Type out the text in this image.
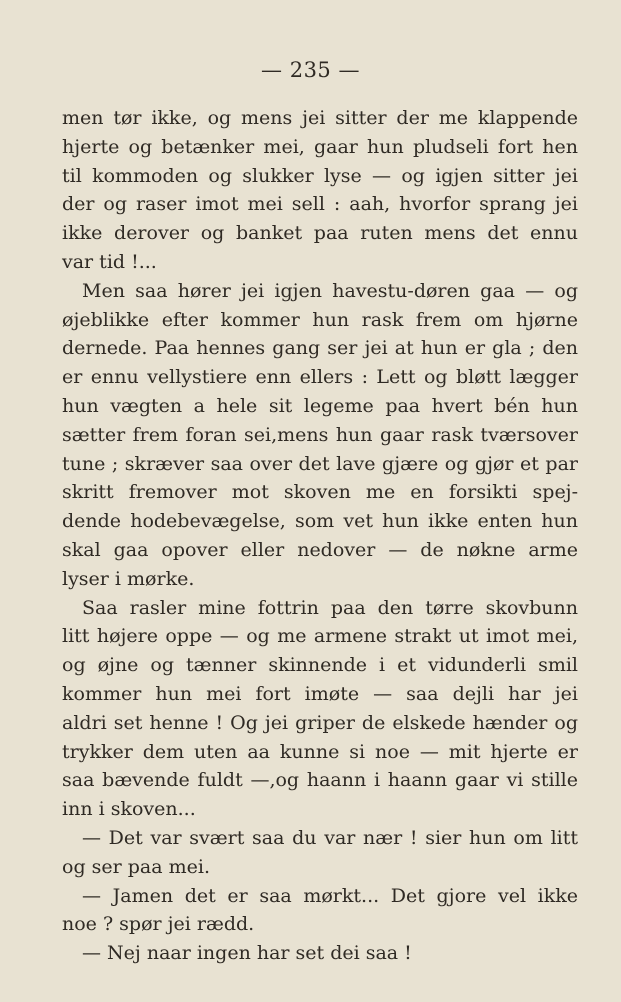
— 235 —
men tør ikke, og mens jei sitter der me klappende
hjerte og betænker mei, gaar hun pludseli fort hen
til kommoden og slukker lyse — og igjen sitter jei
der og raser imot mei sell : aah, hvorfor sprang jei
ikke derover og banket paa ruten mens det ennu
var tid !...
Men saa hører jei igjen havestu-døren gaa — og
øjeblikke efter kommer hun rask frem om hjørne
dernede. Paa hennes gang ser jei at hun er gla ; den
er ennu vellystiere enn ellers : Lett og bløtt lægger
hun vægten a hele sit legeme paa hvert bén hun
sætter frem foran sei,mens hun gaar rask tværsover
tune ; skræver saa over det lave gjære og gjør et par
skritt fremover mot skoven me en forsikti spej-
dende hodebevægelse, som vet hun ikke enten hun
skal gaa opover eller nedover — de nøkne arme
lyser i mørke.
Saa rasler mine fottrin paa den tørre skovbunn
litt højere oppe — og me armene strakt ut imot mei,
og øjne og tænner skinnende i et vidunderli smil
kommer hun mei fort imøte — saa dejli har jei
aldri set henne ! Og jei griper de elskede hænder og
trykker dem uten aa kunne si noe — mit hjerte er
saa bævende fuldt —,og haann i haann gaar vi stille
inn i skoven...
— Det var svært saa du var nær ! sier hun om litt
og ser paa mei.
— Jamen det er saa mørkt... Det gjore vel ikke
noe ? spør jei rædd.
— Nej naar ingen har set dei saa !
